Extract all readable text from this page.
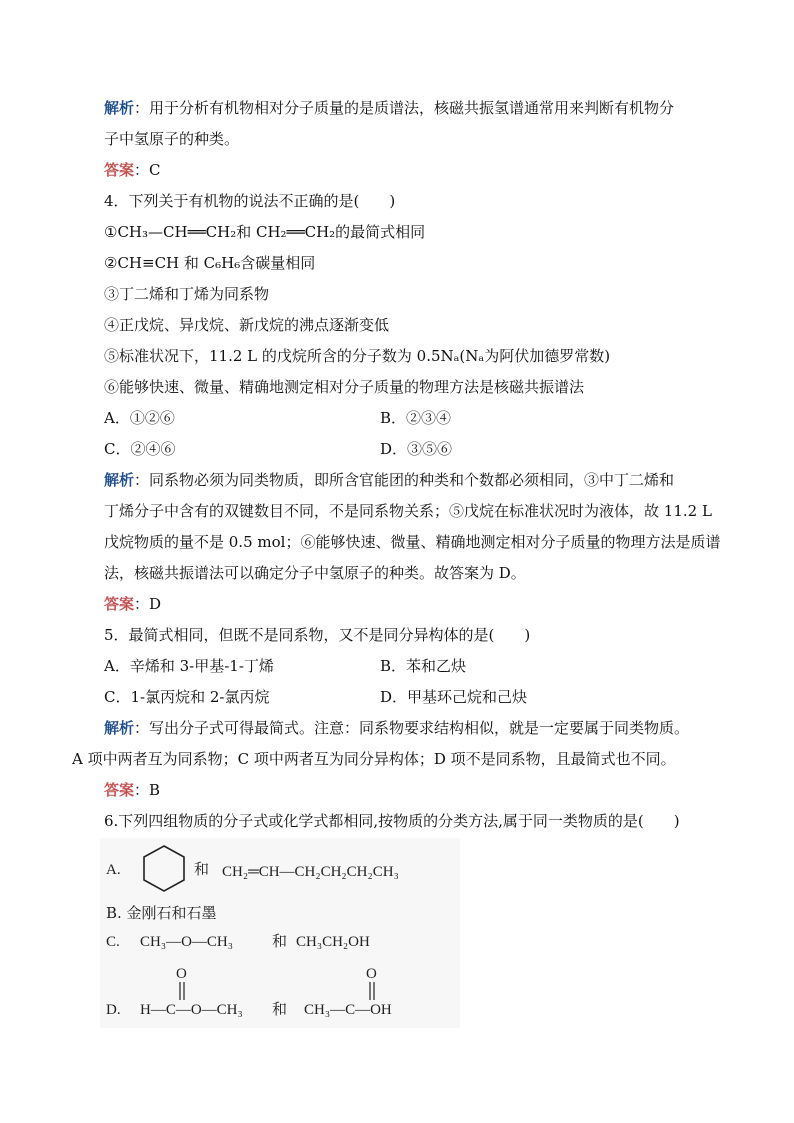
解析：用于分析有机物相对分子质量的是质谱法，核磁共振氢谱通常用来判断有机物分
子中氢原子的种类。
答案：C
4．下列关于有机物的说法不正确的是(　　)
①CH₃—CH══CH₂和 CH₂══CH₂的最简式相同
②CH≡CH 和 C₆H₆含碳量相同
③丁二烯和丁烯为同系物
④正戊烷、异戊烷、新戊烷的沸点逐渐变低
⑤标准状况下，11.2 L 的戊烷所含的分子数为 0.5Nₐ(Nₐ为阿伏加德罗常数)
⑥能够快速、微量、精确地测定相对分子质量的物理方法是核磁共振谱法
A．①②⑥	B．②③④
C．②④⑥	D．③⑤⑥
解析：同系物必须为同类物质，即所含官能团的种类和个数都必须相同，③中丁二烯和
丁烯分子中含有的双键数目不同，不是同系物关系；⑤戊烷在标准状况时为液体，故 11.2 L
戊烷物质的量不是 0.5 mol；⑥能够快速、微量、精确地测定相对分子质量的物理方法是质谱
法，核磁共振谱法可以确定分子中氢原子的种类。故答案为 D。
答案：D
5．最简式相同，但既不是同系物，又不是同分异构体的是(　　)
A．辛烯和 3-甲基-1-丁烯	B．苯和乙炔
C．1-氯丙烷和 2-氯丙烷	D．甲基环己烷和己炔
解析：写出分子式可得最简式。注意：同系物要求结构相似，就是一定要属于同类物质。
A 项中两者互为同系物；C 项中两者互为同分异构体；D 项不是同系物，且最简式也不同。
答案：B
6.下列四组物质的分子式或化学式都相同,按物质的分类方法,属于同一类物质的是(　　)
A.	和 CH₂═CH—CH₂CH₂CH₂CH₃
B. 金刚石和石墨
C. CH₃—O—CH₃	和 CH₃CH₂OH
O
D. H—C—O—CH₃ 和
O
CH₃—C—OH
